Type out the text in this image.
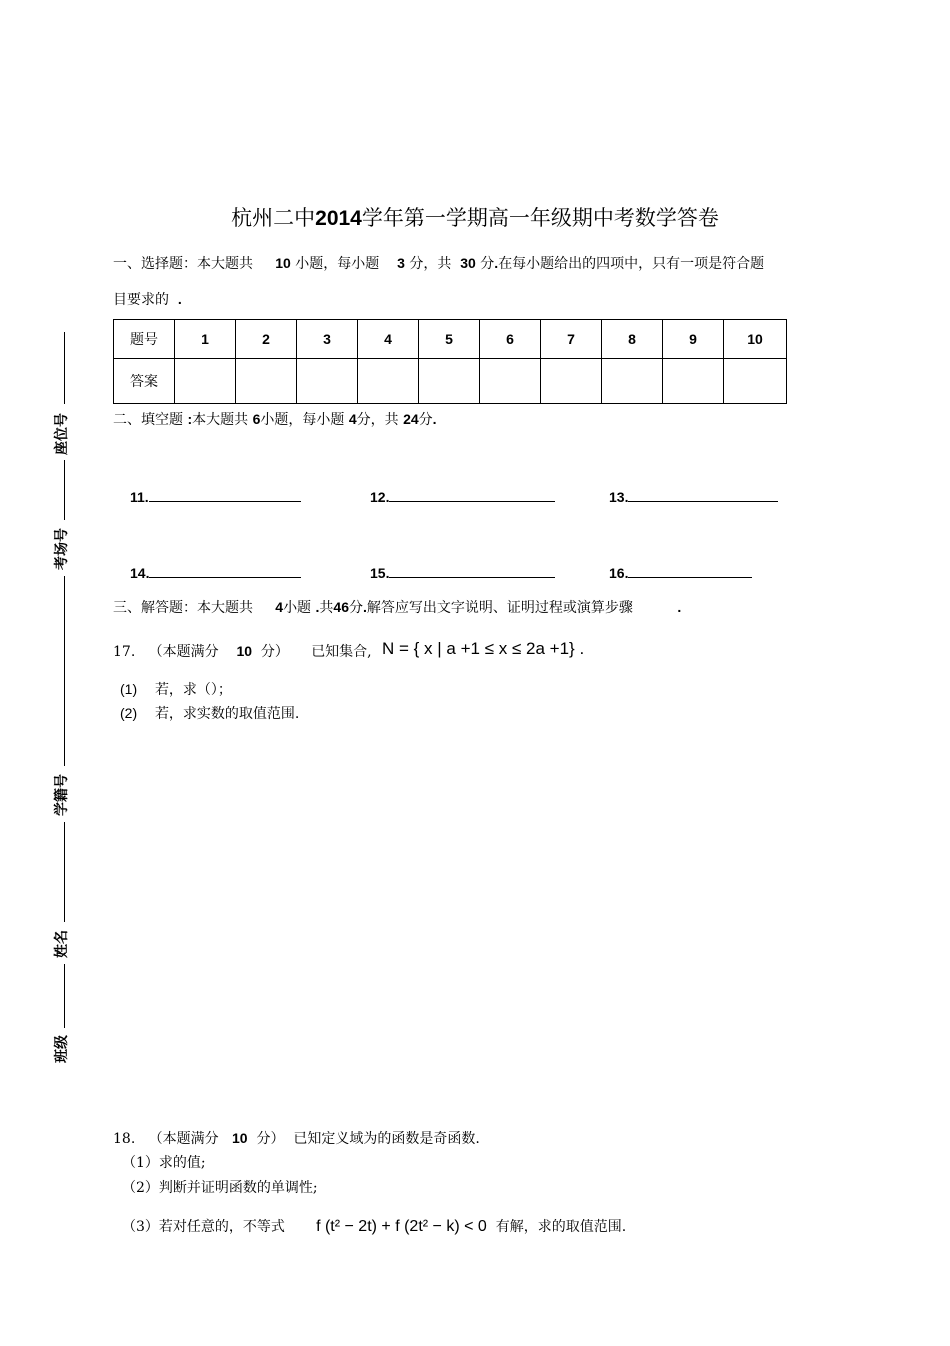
座位号
考场号
学籍号
姓名
班级
杭州二中2014学年第一学期高一年级期中考数学答卷
一、选择题：本大题共 10 小题，每小题 3 分，共 30 分.在每小题给出的四项中，只有一项是符合题
目要求的 .
题号	1	2	3	4	5	6	7	8	9	10
答案										
二、填空题 :本大题共 6小题，每小题 4分，共 24分.
11.	12.	13.
14.	15.	16.
三、解答题：本大题共 4小题 .共46分.解答应写出文字说明、证明过程或演算步骤	.
17. （本题满分 10 分） 已知集合, N = { x | a +1 ≤ x ≤ 2a +1} .
(1) 若，求（）；
(2) 若，求实数的取值范围.
18. （本题满分 10 分） 已知定义域为的函数是奇函数.
（1）求的值;
（2）判断并证明函数的单调性;
（3）若对任意的，不等式 f (t² − 2t) + f (2t² − k) < 0 有解，求的取值范围.
